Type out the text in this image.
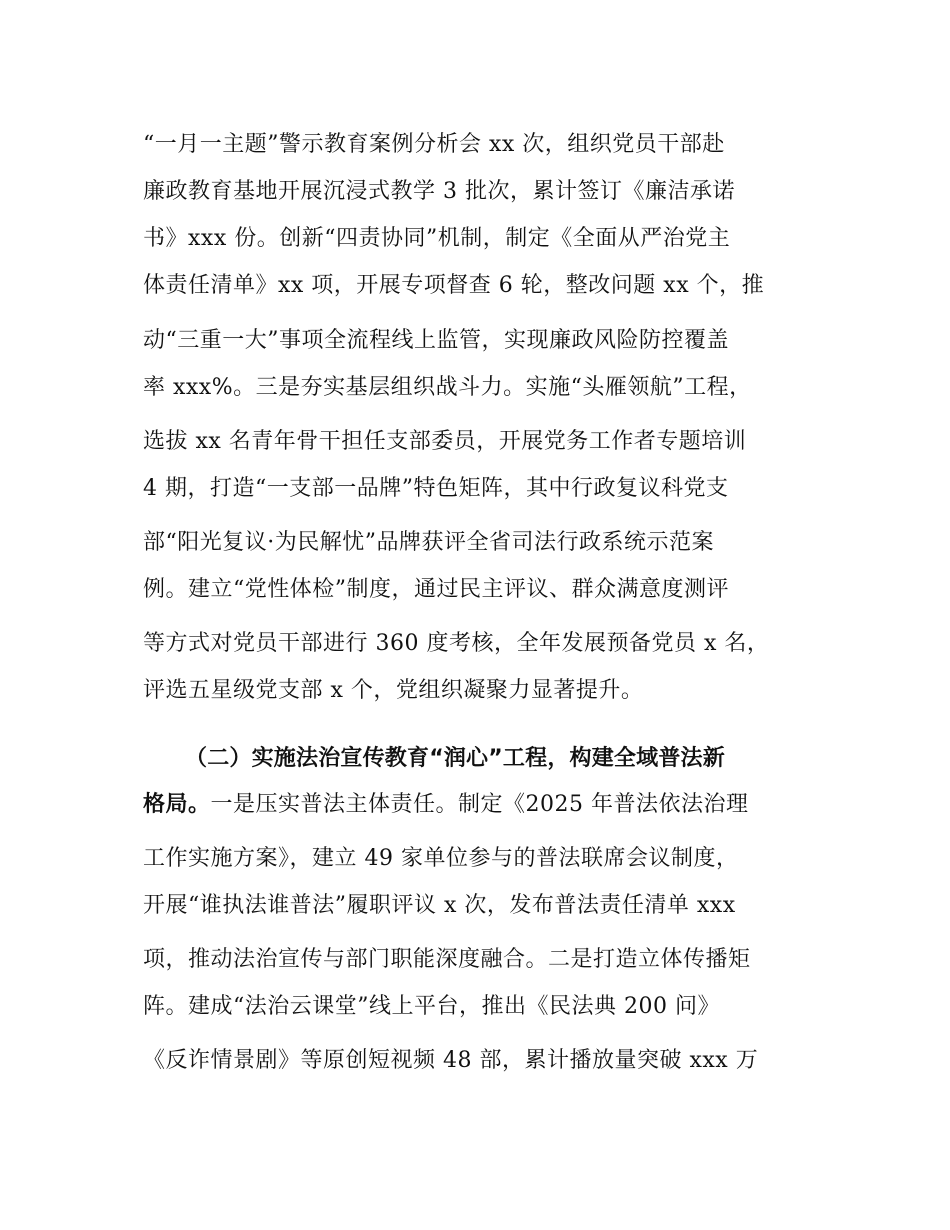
“一月一主题”警示教育案例分析会 xx 次，组织党员干部赴
廉政教育基地开展沉浸式教学 3 批次，累计签订《廉洁承诺
书》xxx 份。创新“四责协同”机制，制定《全面从严治党主
体责任清单》xx 项，开展专项督查 6 轮，整改问题 xx 个，推
动“三重一大”事项全流程线上监管，实现廉政风险防控覆盖
率 xxx%。三是夯实基层组织战斗力。实施“头雁领航”工程，
选拔 xx 名青年骨干担任支部委员，开展党务工作者专题培训
4 期，打造“一支部一品牌”特色矩阵，其中行政复议科党支
部“阳光复议·为民解忧”品牌获评全省司法行政系统示范案
例。建立“党性体检”制度，通过民主评议、群众满意度测评
等方式对党员干部进行 360 度考核，全年发展预备党员 x 名，
评选五星级党支部 x 个，党组织凝聚力显著提升。
（二）实施法治宣传教育“润心”工程，构建全域普法新
格局。一是压实普法主体责任。制定《2025 年普法依法治理
工作实施方案》，建立 49 家单位参与的普法联席会议制度，
开展“谁执法谁普法”履职评议 x 次，发布普法责任清单 xxx
项，推动法治宣传与部门职能深度融合。二是打造立体传播矩
阵。建成“法治云课堂”线上平台，推出《民法典 200 问》
《反诈情景剧》等原创短视频 48 部，累计播放量突破 xxx 万
